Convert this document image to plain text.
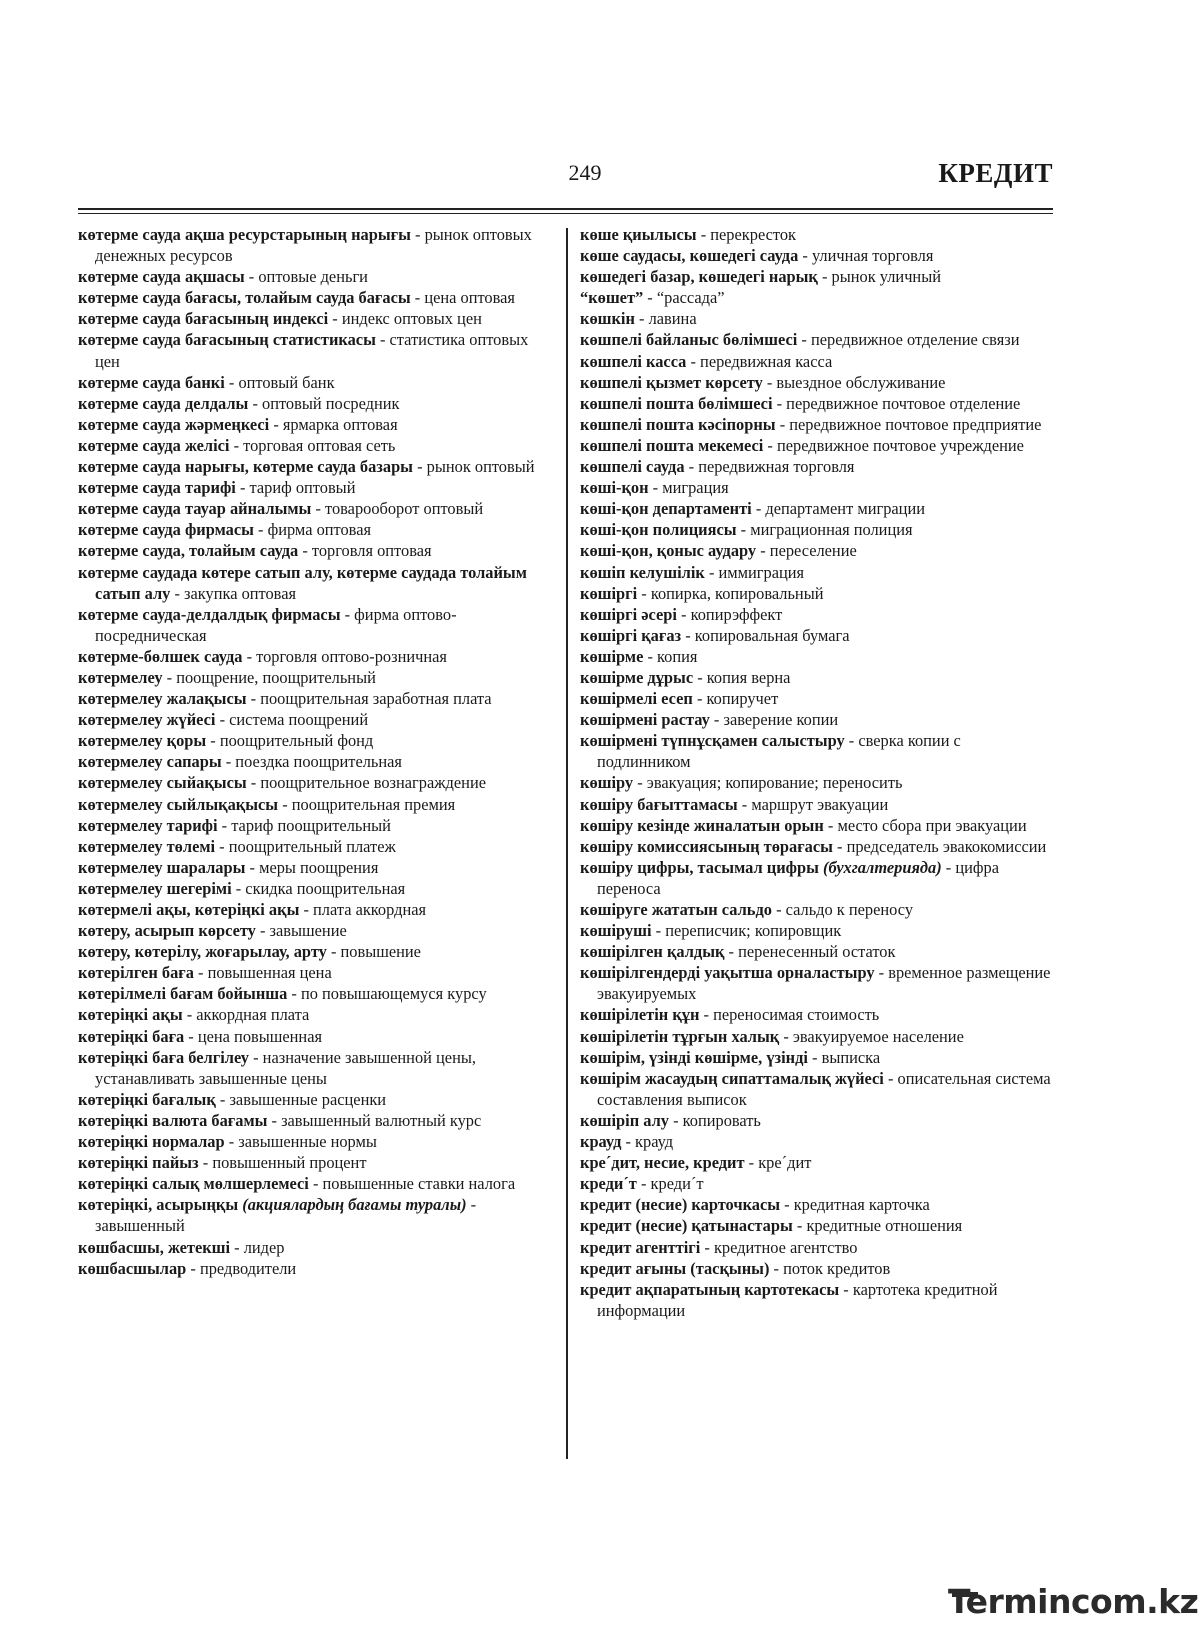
249	КРЕДИТ

көтерме сауда ақша ресурстарының нарығы - рынок оптовых денежных ресурсов

көтерме сауда ақшасы - оптовые деньги

көтерме сауда бағасы, толайым сауда бағасы - цена оптовая

көтерме сауда бағасының индексі - индекс оптовых цен

көтерме сауда бағасының статистикасы - статистика оптовых цен

көтерме сауда банкі - оптовый банк

көтерме сауда делдалы - оптовый посредник

көтерме сауда жәрмеңкесі - ярмарка оптовая

көтерме сауда желісі - торговая оптовая сеть

көтерме сауда нарығы, көтерме сауда базары - рынок оптовый

көтерме сауда тарифі - тариф оптовый

көтерме сауда тауар айналымы - товарооборот оптовый

көтерме сауда фирмасы - фирма оптовая

көтерме сауда, толайым сауда - торговля оптовая

көтерме саудада көтере сатып алу, көтерме саудада толайым сатып алу - закупка оптовая

көтерме сауда-делдалдық фирмасы - фирма оптово-посредническая

көтерме-бөлшек сауда - торговля оптово-розничная

көтермелеу - поощрение, поощрительный

көтермелеу жалақысы - поощрительная заработная плата

көтермелеу жүйесі - система поощрений

көтермелеу қоры - поощрительный фонд

көтермелеу сапары - поездка поощрительная

көтермелеу сыйақысы - поощрительное вознаграждение

көтермелеу сыйлықақысы - поощрительная премия

көтермелеу тарифі - тариф поощрительный

көтермелеу төлемі - поощрительный платеж

көтермелеу шаралары - меры поощрения

көтермелеу шегерімі - скидка поощрительная

көтермелі ақы, көтеріңкі ақы - плата аккордная

көтеру, асырып көрсету - завышение

көтеру, көтерілу, жоғарылау, арту - повышение

көтерілген баға - повышенная цена

көтерілмелі бағам бойынша - по повышающемуся курсу

көтеріңкі ақы - аккордная плата

көтеріңкі баға - цена повышенная

көтеріңкі баға белгілеу - назначение завышенной цены, устанавливать завышенные цены

көтеріңкі бағалық - завышенные расценки

көтеріңкі валюта бағамы - завышенный валютный курс

көтеріңкі нормалар - завышенные нормы

көтеріңкі пайыз - повышенный процент

көтеріңкі салық мөлшерлемесі - повышенные ставки налога

көтеріңкі, асырыңқы (акциялардың бағамы туралы) - завышенный

көшбасшы, жетекші - лидер

көшбасшылар - предводители

көше қиылысы - перекресток

көше саудасы, көшедегі сауда - уличная торговля

көшедегі базар, көшедегі нарық - рынок уличный

“көшет” - “рассада”

көшкін - лавина

көшпелі байланыс бөлімшесі - передвижное отделение связи

көшпелі касса - передвижная касса

көшпелі қызмет көрсету - выездное обслуживание

көшпелі пошта бөлімшесі - передвижное почтовое отделение

көшпелі пошта кәсіпорны - передвижное почтовое предприятие

көшпелі пошта мекемесі - передвижное почтовое учреждение

көшпелі сауда - передвижная торговля

көші-қон - миграция

көші-қон департаменті - департамент миграции

көші-қон полициясы - миграционная полиция

көші-қон, қоныс аудару - переселение

көшіп келушілік - иммиграция

көшіргі - копирка, копировальный

көшіргі әсері - копирэффект

көшіргі қағаз - копировальная бумага

көшірме - копия

көшірме дұрыс - копия верна

көшірмелі есеп - копиручет

көшірмені растау - заверение копии

көшірмені түпнұсқамен салыстыру - сверка копии с подлинником

көшіру - эвакуация; копирование; переносить

көшіру бағыттамасы - маршрут эвакуации

көшіру кезінде жиналатын орын - место сбора при эвакуации

көшіру комиссиясының төрағасы - председатель эвакокомиссии

көшіру цифры, тасымал цифры (бухгалтерияда) - цифра переноса

көшіруге жататын сальдо - сальдо к переносу

көшіруші - переписчик; копировщик

көшірілген қалдық - перенесенный остаток

көшірілгендерді уақытша орналастыру - временное размещение эвакуируемых

көшірілетін құн - переносимая стоимость

көшірілетін тұрғын халық - эвакуируемое население

көшірім, үзінді көшірме, үзінді - выписка

көшірім жасаудың сипаттамалық жүйесі - описательная система составления выписок

көшіріп алу - копировать

крауд - крауд

кре´дит, несие, кредит - кре´дит

креди´т - креди´т

кредит (несие) карточкасы - кредитная карточка

кредит (несие) қатынастары - кредитные отношения

кредит агенттігі - кредитное агентство

кредит ағыны (тасқыны) - поток кредитов

кредит ақпаратының картотекасы - картотека кредитной информации

Termincom.kz
